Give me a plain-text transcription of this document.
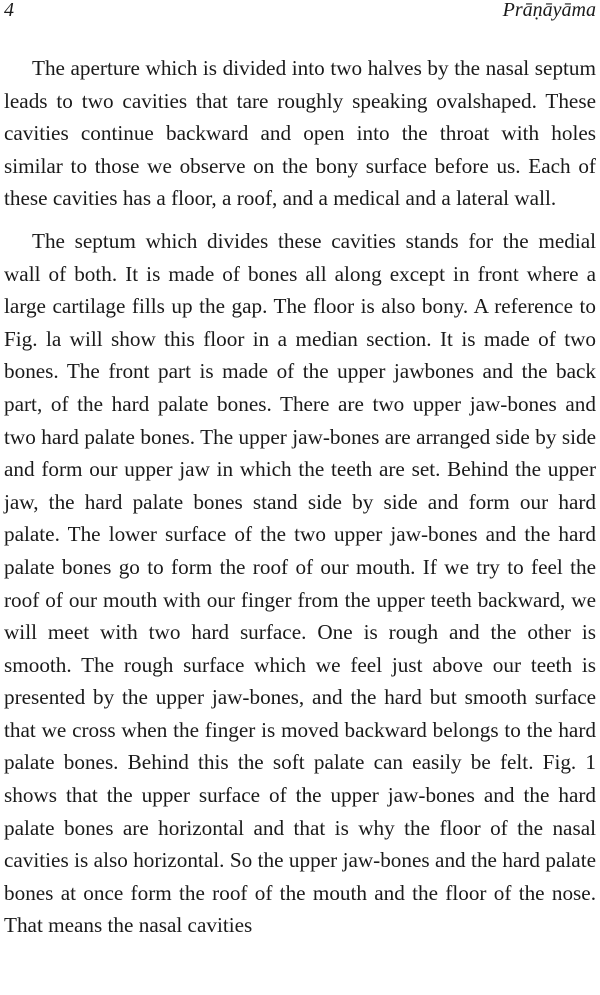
4	Prāṇāyāma

The aperture which is divided into two halves by the nasal septum leads to two cavities that tare roughly speaking ovalshaped. These cavities continue backward and open into the throat with holes similar to those we observe on the bony surface before us. Each of these cavities has a floor, a roof, and a medical and a lateral wall.

The septum which divides these cavities stands for the medial wall of both. It is made of bones all along except in front where a large cartilage fills up the gap. The floor is also bony. A reference to Fig. la will show this floor in a median section. It is made of two bones. The front part is made of the upper jawbones and the back part, of the hard palate bones. There are two upper jaw-bones and two hard palate bones. The upper jaw-bones are arranged side by side and form our upper jaw in which the teeth are set. Behind the upper jaw, the hard palate bones stand side by side and form our hard palate. The lower surface of the two upper jaw-bones and the hard palate bones go to form the roof of our mouth. If we try to feel the roof of our mouth with our finger from the upper teeth backward, we will meet with two hard surface. One is rough and the other is smooth. The rough surface which we feel just above our teeth is presented by the upper jaw-bones, and the hard but smooth surface that we cross when the finger is moved backward belongs to the hard palate bones. Behind this the soft palate can easily be felt. Fig. 1 shows that the upper surface of the upper jaw-bones and the hard palate bones are horizontal and that is why the floor of the nasal cavities is also horizontal. So the upper jaw-bones and the hard palate bones at once form the roof of the mouth and the floor of the nose. That means the nasal cavities
